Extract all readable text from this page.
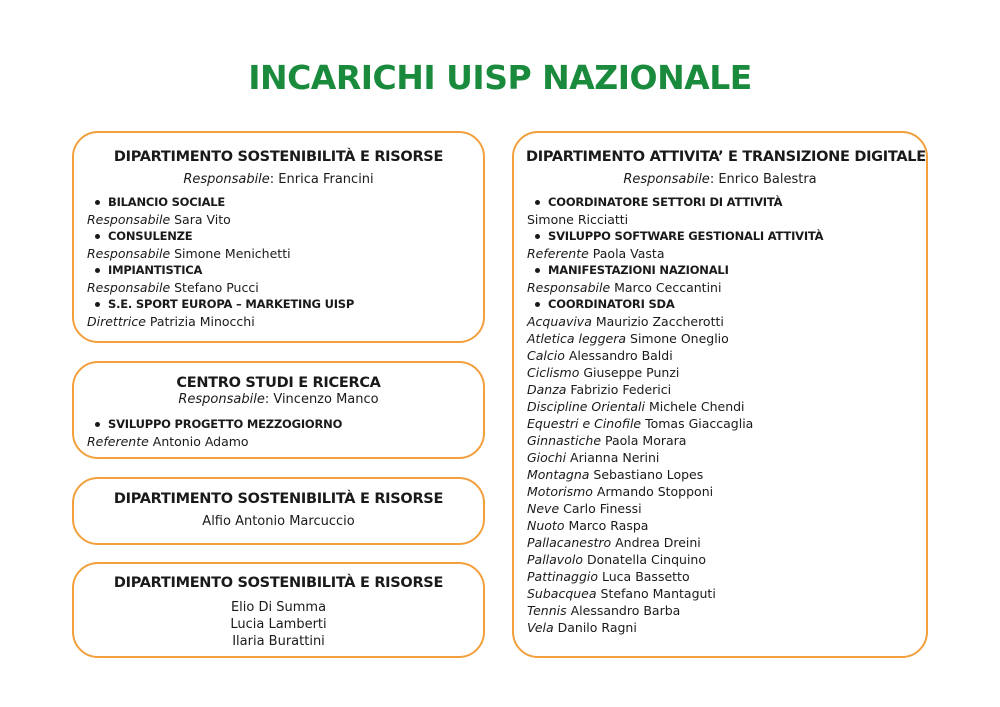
INCARICHI UISP NAZIONALE
DIPARTIMENTO SOSTENIBILITÀ E RISORSE
Responsabile: Enrica Francini
BILANCIO SOCIALE
Responsabile Sara Vito
CONSULENZE
Responsabile Simone Menichetti
IMPIANTISTICA
Responsabile Stefano Pucci
S.E. SPORT EUROPA – MARKETING UISP
Direttrice Patrizia Minocchi
CENTRO STUDI E RICERCA
Responsabile: Vincenzo Manco
SVILUPPO PROGETTO MEZZOGIORNO
Referente Antonio Adamo
DIPARTIMENTO SOSTENIBILITÀ E RISORSE
Alfio Antonio Marcuccio
DIPARTIMENTO SOSTENIBILITÀ E RISORSE
Elio Di Summa
Lucia Lamberti
Ilaria Burattini
DIPARTIMENTO ATTIVITA’ E TRANSIZIONE DIGITALE
Responsabile: Enrico Balestra
COORDINATORE SETTORI DI ATTIVITÀ
Simone Ricciatti
SVILUPPO SOFTWARE GESTIONALI ATTIVITÀ
Referente Paola Vasta
MANIFESTAZIONI NAZIONALI
Responsabile Marco Ceccantini
COORDINATORI SDA
Acquaviva Maurizio Zaccherotti
Atletica leggera Simone Oneglio
Calcio Alessandro Baldi
Ciclismo Giuseppe Punzi
Danza Fabrizio Federici
Discipline Orientali Michele Chendi
Equestri e Cinofile Tomas Giaccaglia
Ginnastiche Paola Morara
Giochi Arianna Nerini
Montagna Sebastiano Lopes
Motorismo Armando Stopponi
Neve Carlo Finessi
Nuoto Marco Raspa
Pallacanestro Andrea Dreini
Pallavolo Donatella Cinquino
Pattinaggio Luca Bassetto
Subacquea Stefano Mantaguti
Tennis Alessandro Barba
Vela Danilo Ragni
